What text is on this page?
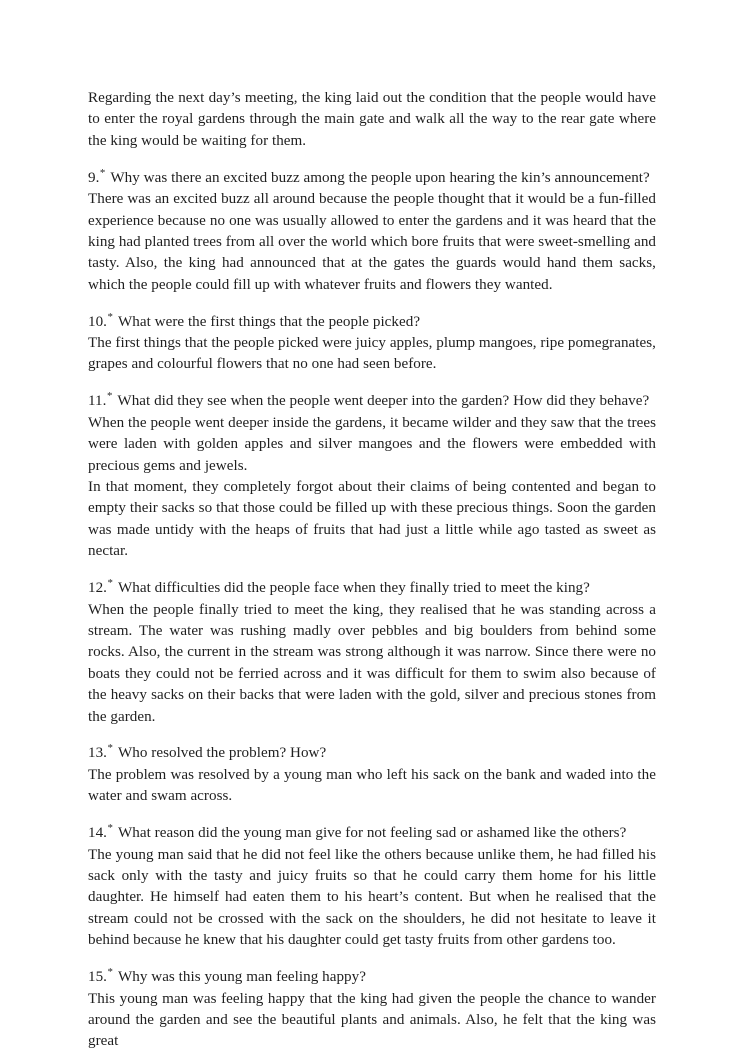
Regarding the next day’s meeting, the king laid out the condition that the people would have to enter the royal gardens through the main gate and walk all the way to the rear gate where the king would be waiting for them.

9.* Why was there an excited buzz among the people upon hearing the kin’s announcement?

There was an excited buzz all around because the people thought that it would be a fun-filled experience because no one was usually allowed to enter the gardens and it was heard that the king had planted trees from all over the world which bore fruits that were sweet-smelling and tasty. Also, the king had announced that at the gates the guards would hand them sacks, which the people could fill up with whatever fruits and flowers they wanted.

10.* What were the first things that the people picked?

The first things that the people picked were juicy apples, plump mangoes, ripe pomegranates, grapes and colourful flowers that no one had seen before.

11.* What did they see when the people went deeper into the garden? How did they behave?

When the people went deeper inside the gardens, it became wilder and they saw that the trees were laden with golden apples and silver mangoes and the flowers were embedded with precious gems and jewels.

In that moment, they completely forgot about their claims of being contented and began to empty their sacks so that those could be filled up with these precious things. Soon the garden was made untidy with the heaps of fruits that had just a little while ago tasted as sweet as nectar.

12.* What difficulties did the people face when they finally tried to meet the king?

When the people finally tried to meet the king, they realised that he was standing across a stream. The water was rushing madly over pebbles and big boulders from behind some rocks. Also, the current in the stream was strong although it was narrow. Since there were no boats they could not be ferried across and it was difficult for them to swim also because of the heavy sacks on their backs that were laden with the gold, silver and precious stones from the garden.

13.* Who resolved the problem? How?

The problem was resolved by a young man who left his sack on the bank and waded into the water and swam across.

14.* What reason did the young man give for not feeling sad or ashamed like the others?

The young man said that he did not feel like the others because unlike them, he had filled his sack only with the tasty and juicy fruits so that he could carry them home for his little daughter. He himself had eaten them to his heart’s content. But when he realised that the stream could not be crossed with the sack on the shoulders, he did not hesitate to leave it behind because he knew that his daughter could get tasty fruits from other gardens too.

15.* Why was this young man feeling happy?

This young man was feeling happy that the king had given the people the chance to wander around the garden and see the beautiful plants and animals. Also, he felt that the king was great
